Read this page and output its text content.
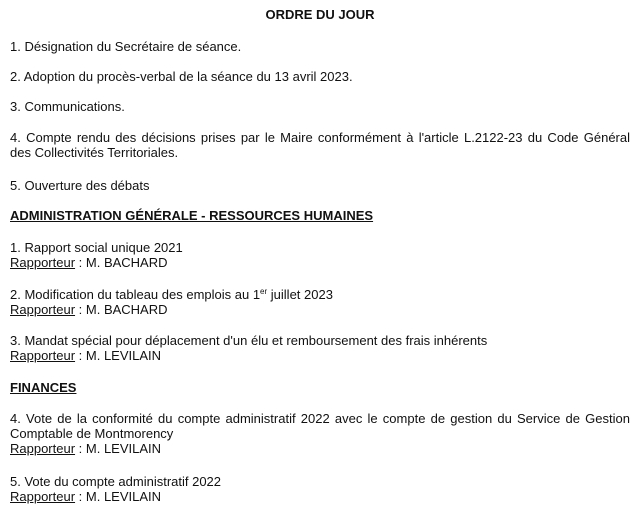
ORDRE DU JOUR
1. Désignation du Secrétaire de séance.
2. Adoption du procès-verbal de la séance du 13 avril 2023.
3. Communications.
4. Compte rendu des décisions prises par le Maire conformément à l'article L.2122-23 du Code Général des Collectivités Territoriales.
5. Ouverture des débats
ADMINISTRATION GÉNÉRALE - RESSOURCES HUMAINES
1. Rapport social unique 2021
Rapporteur : M. BACHARD
2. Modification du tableau des emplois au 1er juillet 2023
Rapporteur : M. BACHARD
3. Mandat spécial pour déplacement d'un élu et remboursement des frais inhérents
Rapporteur : M. LEVILAIN
FINANCES
4. Vote de la conformité du compte administratif 2022 avec le compte de gestion du Service de Gestion Comptable de Montmorency
Rapporteur : M. LEVILAIN
5. Vote du compte administratif 2022
Rapporteur : M. LEVILAIN
